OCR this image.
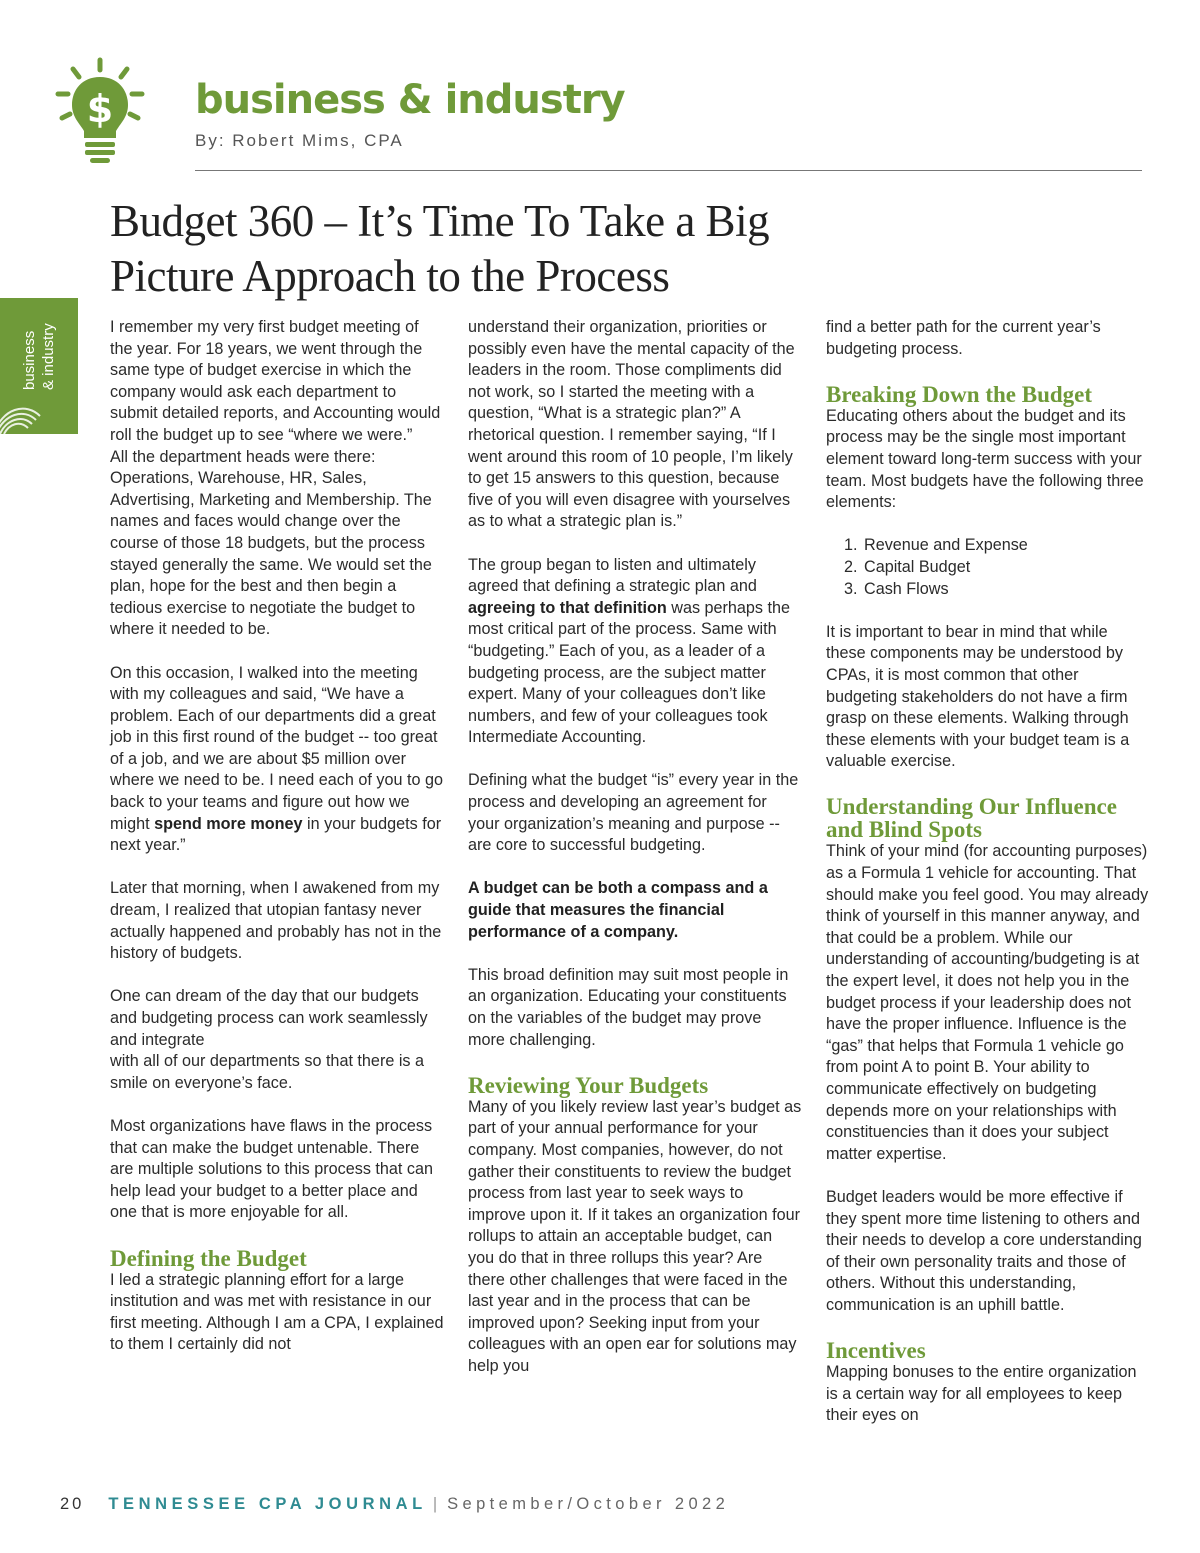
$ business & industry
By: Robert Mims, CPA
Budget 360 – It’s Time To Take a Big
Picture Approach to the Process
business & industry	I remember my very first budget meeting of the year. For 18 years, we went through the same type of budget exercise in which the company would ask each department to submit detailed reports, and Accounting would roll the budget up to see “where we were.”

All the department heads were there: Operations, Warehouse, HR, Sales, Advertising, Marketing and Membership. The names and faces would change over the course of those 18 budgets, but the process stayed generally the same. We would set the plan, hope for the best and then begin a tedious exercise to negotiate the budget to where it needed to be.

On this occasion, I walked into the meeting with my colleagues and said, “We have a problem. Each of our departments did a great job in this first round of the budget -- too great of a job, and we are about $5 million over where we need to be. I need each of you to go back to your teams and figure out how we might spend more money in your budgets for next year.”

Later that morning, when I awakened from my dream, I realized that utopian fantasy never actually happened and probably has not in the history of budgets.

One can dream of the day that our budgets and budgeting process can work seamlessly and integrate
with all of our departments so that there is a smile on everyone’s face.

Most organizations have flaws in the process that can make the budget untenable. There are multiple solutions to this process that can help lead your budget to a better place and one that is more enjoyable for all.

Defining the Budget

I led a strategic planning effort for a large institution and was met with resistance in our first meeting. Although I am a CPA, I explained to them I certainly did not

understand their organization, priorities or possibly even have the mental capacity of the leaders in the room. Those compliments did not work, so I started the meeting with a question, “What is a strategic plan?” A rhetorical question. I remember saying, “If I went around this room of 10 people, I’m likely to get 15 answers to this question, because five of you will even disagree with yourselves as to what a strategic plan is.”

The group began to listen and ultimately agreed that defining a strategic plan and agreeing to that definition was perhaps the most critical part of the process. Same with “budgeting.” Each of you, as a leader of a budgeting process, are the subject matter expert. Many of your colleagues don’t like numbers, and few of your colleagues took Intermediate Accounting.

Defining what the budget “is” every year in the process and developing an agreement for your organization’s meaning and purpose -- are core to successful budgeting.

A budget can be both a compass and a guide that measures the financial performance of a company.

This broad definition may suit most people in an organization. Educating your constituents on the variables of the budget may prove more challenging.

Reviewing Your Budgets

Many of you likely review last year’s budget as part of your annual performance for your company. Most companies, however, do not gather their constituents to review the budget process from last year to seek ways to improve upon it. If it takes an organization four rollups to attain an acceptable budget, can you do that in three rollups this year? Are there other challenges that were faced in the last year and in the process that can be improved upon? Seeking input from your colleagues with an open ear for solutions may help you

find a better path for the current year’s budgeting process.

Breaking Down the Budget

Educating others about the budget and its process may be the single most important element toward long-term success with your team. Most budgets have the following three elements:

1. Revenue and Expense
2. Capital Budget
3. Cash Flows

It is important to bear in mind that while these components may be understood by CPAs, it is most common that other budgeting stakeholders do not have a firm grasp on these elements. Walking through these elements with your budget team is a valuable exercise.

Understanding Our Influence and Blind Spots

Think of your mind (for accounting purposes) as a Formula 1 vehicle for accounting. That should make you feel good. You may already think of yourself in this manner anyway, and that could be a problem. While our understanding of accounting/budgeting is at the expert level, it does not help you in the budget process if your leadership does not have the proper influence. Influence is the “gas” that helps that Formula 1 vehicle go from point A to point B. Your ability to communicate effectively on budgeting depends more on your relationships with constituencies than it does your subject matter expertise.

Budget leaders would be more effective if they spent more time listening to others and their needs to develop a core understanding of their own personality traits and those of others. Without this understanding, communication is an uphill battle.

Incentives

Mapping bonuses to the entire organization is a certain way for all employees to keep their eyes on

20 TENNESSEE CPA JOURNAL | September/October 2022
